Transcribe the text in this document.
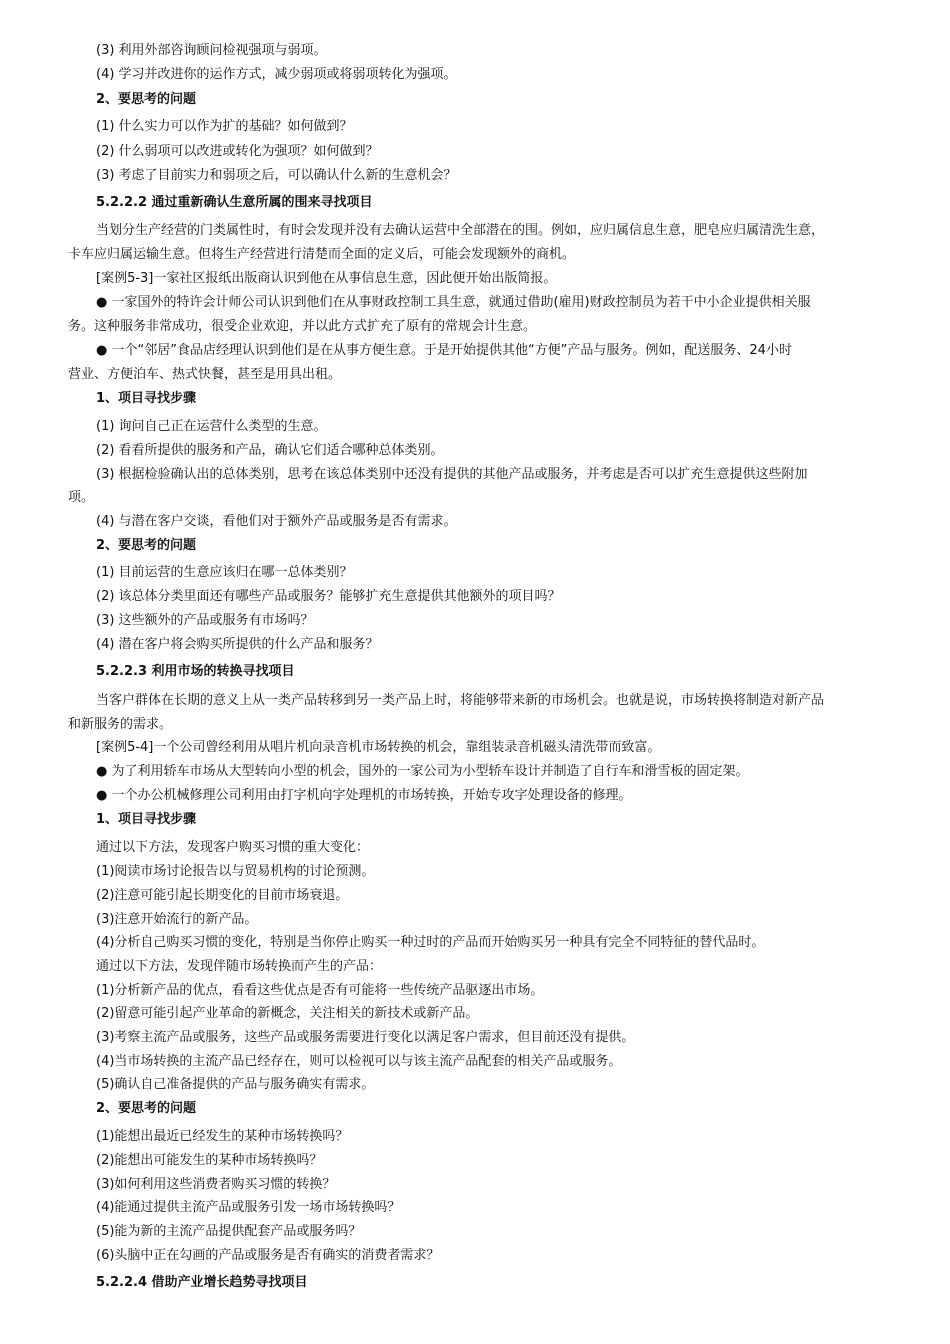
(3) 利用外部咨询顾问检视强项与弱项。
(4) 学习并改进你的运作方式，减少弱项或将弱项转化为强项。
2、要思考的问题
(1) 什么实力可以作为扩的基础？如何做到？
(2) 什么弱项可以改进或转化为强项？如何做到？
(3) 考虑了目前实力和弱项之后，可以确认什么新的生意机会？
5.2.2.2 通过重新确认生意所属的围来寻找项目
当划分生产经营的门类属性时，有时会发现并没有去确认运营中全部潜在的围。例如，应归属信息生意，肥皂应归属清洗生意，
卡车应归属运输生意。但将生产经营进行清楚而全面的定义后，可能会发现额外的商机。
[案例5-3]一家社区报纸出版商认识到他在从事信息生意，因此便开始出版简报。
● 一家国外的特许会计师公司认识到他们在从事财政控制工具生意，就通过借助(雇用)财政控制员为若干中小企业提供相关服
务。这种服务非常成功，很受企业欢迎，并以此方式扩充了原有的常规会计生意。
● 一个“邻居”食品店经理认识到他们是在从事方便生意。于是开始提供其他“方便”产品与服务。例如，配送服务、24小时
营业、方便泊车、热式快餐，甚至是用具出租。
1、项目寻找步骤
(1) 询问自己正在运营什么类型的生意。
(2) 看看所提供的服务和产品，确认它们适合哪种总体类别。
(3) 根据检验确认出的总体类别，思考在该总体类别中还没有提供的其他产品或服务，并考虑是否可以扩充生意提供这些附加
项。
(4) 与潜在客户交谈，看他们对于额外产品或服务是否有需求。
2、要思考的问题
(1) 目前运营的生意应该归在哪一总体类别？
(2) 该总体分类里面还有哪些产品或服务？能够扩充生意提供其他额外的项目吗？
(3) 这些额外的产品或服务有市场吗？
(4) 潜在客户将会购买所提供的什么产品和服务？
5.2.2.3 利用市场的转换寻找项目
当客户群体在长期的意义上从一类产品转移到另一类产品上时，将能够带来新的市场机会。也就是说，市场转换将制造对新产品
和新服务的需求。
[案例5-4]一个公司曾经利用从唱片机向录音机市场转换的机会，靠组装录音机磁头清洗带而致富。
● 为了利用轿车市场从大型转向小型的机会，国外的一家公司为小型轿车设计并制造了自行车和滑雪板的固定架。
● 一个办公机械修理公司利用由打字机向字处理机的市场转换，开始专攻字处理设备的修理。
1、项目寻找步骤
通过以下方法，发现客户购买习惯的重大变化：
(1)阅读市场讨论报告以与贸易机构的讨论预测。
(2)注意可能引起长期变化的目前市场衰退。
(3)注意开始流行的新产品。
(4)分析自己购买习惯的变化，特别是当你停止购买一种过时的产品而开始购买另一种具有完全不同特征的替代品时。
通过以下方法，发现伴随市场转换而产生的产品：
(1)分析新产品的优点，看看这些优点是否有可能将一些传统产品驱逐出市场。
(2)留意可能引起产业革命的新概念，关注相关的新技术或新产品。
(3)考察主流产品或服务，这些产品或服务需要进行变化以满足客户需求，但目前还没有提供。
(4)当市场转换的主流产品已经存在，则可以检视可以与该主流产品配套的相关产品或服务。
(5)确认自己准备提供的产品与服务确实有需求。
2、要思考的问题
(1)能想出最近已经发生的某种市场转换吗？
(2)能想出可能发生的某种市场转换吗？
(3)如何利用这些消费者购买习惯的转换？
(4)能通过提供主流产品或服务引发一场市场转换吗？
(5)能为新的主流产品提供配套产品或服务吗？
(6)头脑中正在勾画的产品或服务是否有确实的消费者需求？
5.2.2.4 借助产业增长趋势寻找项目
